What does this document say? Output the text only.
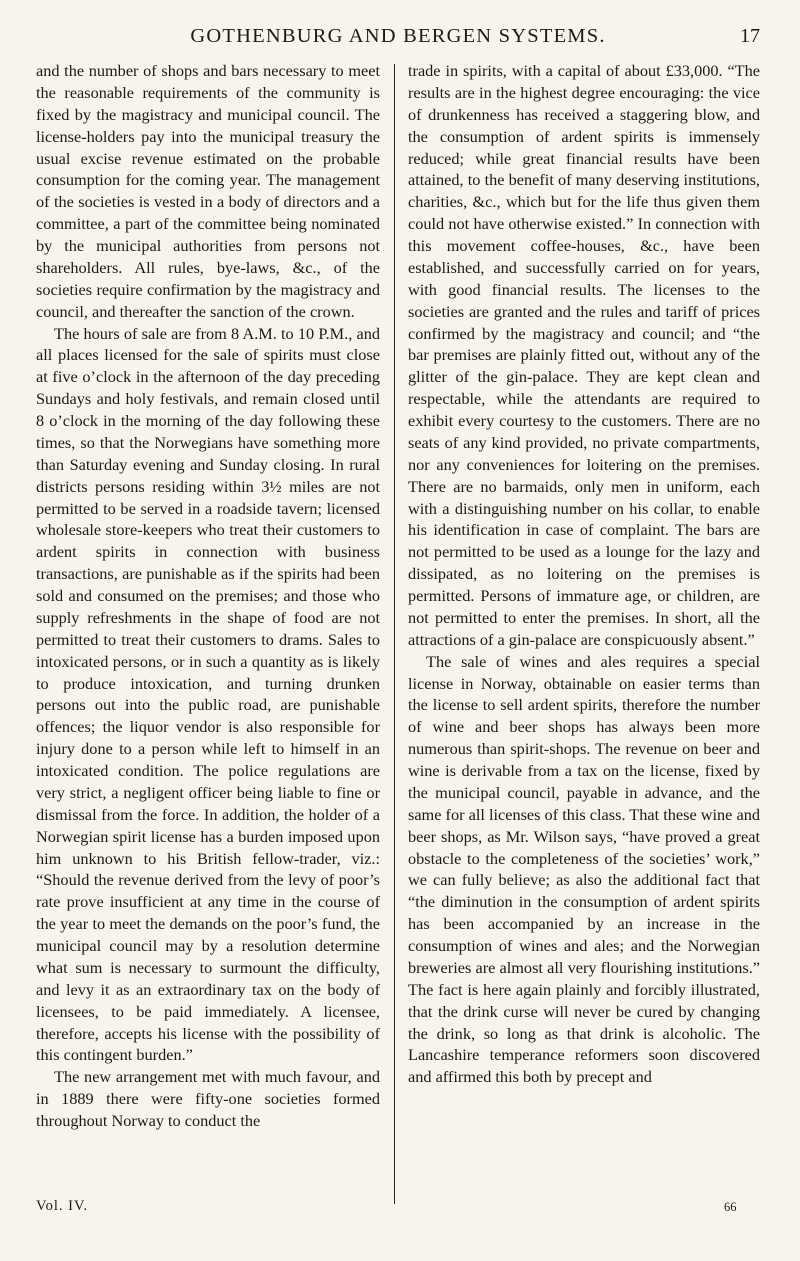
GOTHENBURG AND BERGEN SYSTEMS.	17

and the number of shops and bars necessary to meet the reasonable requirements of the community is fixed by the magistracy and municipal council. The license-holders pay into the municipal treasury the usual excise revenue estimated on the probable consumption for the coming year. The management of the societies is vested in a body of directors and a committee, a part of the committee being nominated by the municipal authorities from persons not shareholders. All rules, bye-laws, &c., of the societies require confirmation by the magistracy and council, and thereafter the sanction of the crown.

The hours of sale are from 8 A.M. to 10 P.M., and all places licensed for the sale of spirits must close at five o’clock in the afternoon of the day preceding Sundays and holy festivals, and remain closed until 8 o’clock in the morning of the day following these times, so that the Norwegians have something more than Saturday evening and Sunday closing. In rural districts persons residing within 3½ miles are not permitted to be served in a roadside tavern; licensed wholesale store-keepers who treat their customers to ardent spirits in connection with business transactions, are punishable as if the spirits had been sold and consumed on the premises; and those who supply refreshments in the shape of food are not permitted to treat their customers to drams. Sales to intoxicated persons, or in such a quantity as is likely to produce intoxication, and turning drunken persons out into the public road, are punishable offences; the liquor vendor is also responsible for injury done to a person while left to himself in an intoxicated condition. The police regulations are very strict, a negligent officer being liable to fine or dismissal from the force. In addition, the holder of a Norwegian spirit license has a burden imposed upon him unknown to his British fellow-trader, viz.: “Should the revenue derived from the levy of poor’s rate prove insufficient at any time in the course of the year to meet the demands on the poor’s fund, the municipal council may by a resolution determine what sum is necessary to surmount the difficulty, and levy it as an extraordinary tax on the body of licensees, to be paid immediately. A licensee, therefore, accepts his license with the possibility of this contingent burden.”

The new arrangement met with much favour, and in 1889 there were fifty-one societies formed throughout Norway to conduct the

trade in spirits, with a capital of about £33,000. “The results are in the highest degree encouraging: the vice of drunkenness has received a staggering blow, and the consumption of ardent spirits is immensely reduced; while great financial results have been attained, to the benefit of many deserving institutions, charities, &c., which but for the life thus given them could not have otherwise existed.” In connection with this movement coffee-houses, &c., have been established, and successfully carried on for years, with good financial results. The licenses to the societies are granted and the rules and tariff of prices confirmed by the magistracy and council; and “the bar premises are plainly fitted out, without any of the glitter of the gin-palace. They are kept clean and respectable, while the attendants are required to exhibit every courtesy to the customers. There are no seats of any kind provided, no private compartments, nor any conveniences for loitering on the premises. There are no barmaids, only men in uniform, each with a distinguishing number on his collar, to enable his identification in case of complaint. The bars are not permitted to be used as a lounge for the lazy and dissipated, as no loitering on the premises is permitted. Persons of immature age, or children, are not permitted to enter the premises. In short, all the attractions of a gin-palace are conspicuously absent.”

The sale of wines and ales requires a special license in Norway, obtainable on easier terms than the license to sell ardent spirits, therefore the number of wine and beer shops has always been more numerous than spirit-shops. The revenue on beer and wine is derivable from a tax on the license, fixed by the municipal council, payable in advance, and the same for all licenses of this class. That these wine and beer shops, as Mr. Wilson says, “have proved a great obstacle to the completeness of the societies’ work,” we can fully believe; as also the additional fact that “the diminution in the consumption of ardent spirits has been accompanied by an increase in the consumption of wines and ales; and the Norwegian breweries are almost all very flourishing institutions.” The fact is here again plainly and forcibly illustrated, that the drink curse will never be cured by changing the drink, so long as that drink is alcoholic. The Lancashire temperance reformers soon discovered and affirmed this both by precept and

Vol. IV.	66
